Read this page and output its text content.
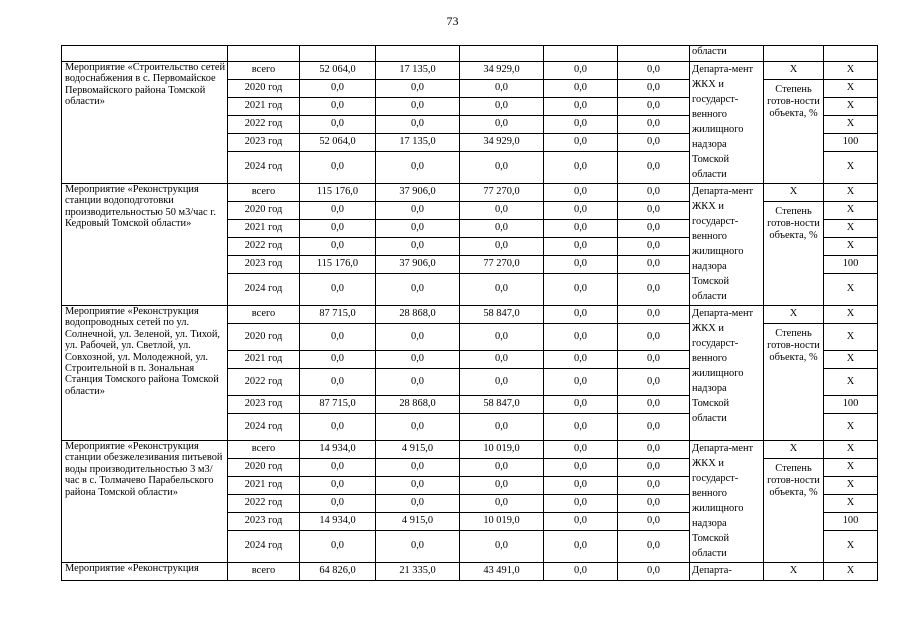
73
							области		
Мероприятие «Строительство сетей водоснабжения в с. Первомайское Первомайского района Томской области»	всего	52 064,0	17 135,0	34 929,0	0,0	0,0	Департа-мент ЖКХ и государст-венного жилищного надзора Томской области	X	X
	2020 год	0,0	0,0	0,0	0,0	0,0		Степень готов-ности объекта, %	X
	2021 год	0,0	0,0	0,0	0,0	0,0			X
	2022 год	0,0	0,0	0,0	0,0	0,0			X
	2023 год	52 064,0	17 135,0	34 929,0	0,0	0,0			100
	2024 год	0,0	0,0	0,0	0,0	0,0			X
Мероприятие «Реконструкция станции водоподготовки производительностью 50 м3/час г. Кедровый Томской области»	всего	115 176,0	37 906,0	77 270,0	0,0	0,0	Департа-мент ЖКХ и государст-венного жилищного надзора Томской области	X	X
	2020 год	0,0	0,0	0,0	0,0	0,0		Степень готов-ности объекта, %	X
	2021 год	0,0	0,0	0,0	0,0	0,0			X
	2022 год	0,0	0,0	0,0	0,0	0,0			X
	2023 год	115 176,0	37 906,0	77 270,0	0,0	0,0			100
	2024 год	0,0	0,0	0,0	0,0	0,0			X
Мероприятие «Реконструкция водопроводных сетей по ул. Солнечной, ул. Зеленой, ул. Тихой, ул. Рабочей, ул. Светлой, ул. Совхозной, ул. Молодежной, ул. Строительной в п. Зональная Станция Томского района Томской области»	всего	87 715,0	28 868,0	58 847,0	0,0	0,0	Департа-мент ЖКХ и государст-венного жилищного надзора Томской области	X	X
	2020 год	0,0	0,0	0,0	0,0	0,0		Степень готов-ности объекта, %	X
	2021 год	0,0	0,0	0,0	0,0	0,0			X
	2022 год	0,0	0,0	0,0	0,0	0,0			X
	2023 год	87 715,0	28 868,0	58 847,0	0,0	0,0			100
	2024 год	0,0	0,0	0,0	0,0	0,0			X
Мероприятие «Реконструкция станции обезжелезивания питьевой воды производительностью 3 м3/час в с. Толмачево Парабельского района Томской области»	всего	14 934,0	4 915,0	10 019,0	0,0	0,0	Департа-мент ЖКХ и государст-венного жилищного надзора Томской области	X	X
	2020 год	0,0	0,0	0,0	0,0	0,0		Степень готов-ности объекта, %	X
	2021 год	0,0	0,0	0,0	0,0	0,0			X
	2022 год	0,0	0,0	0,0	0,0	0,0			X
	2023 год	14 934,0	4 915,0	10 019,0	0,0	0,0			100
	2024 год	0,0	0,0	0,0	0,0	0,0			X
Мероприятие «Реконструкция	всего	64 826,0	21 335,0	43 491,0	0,0	0,0	Департа-	X	X
